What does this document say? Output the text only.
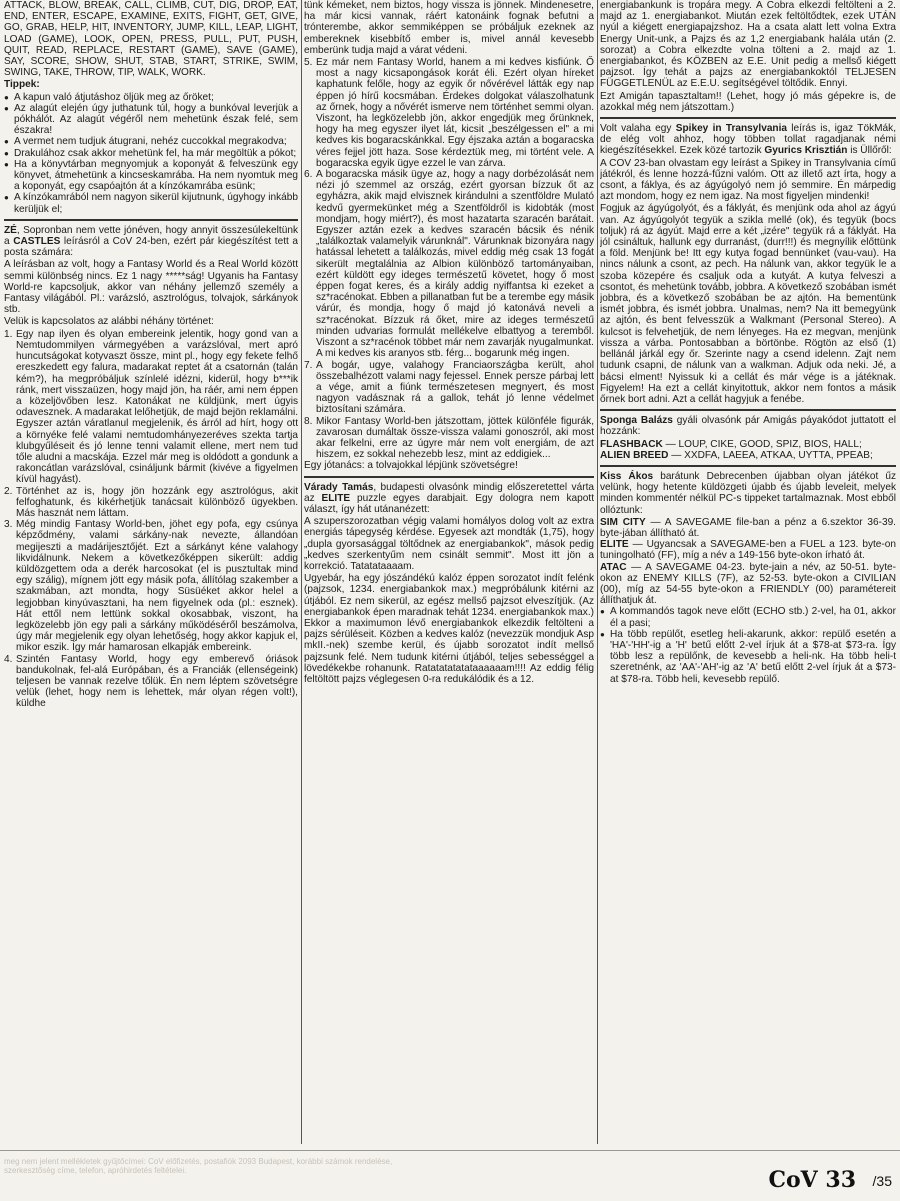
ATTACK, BLOW, BREAK, CALL, CLIMB, CUT, DIG, DROP, EAT, END, ENTER, ESCAPE, EXAMINE, EXITS, FIGHT, GET, GIVE, GO, GRAB, HELP, HIT, INVENTORY, JUMP, KILL, LEAP, LIGHT, LOAD (GAME), LOOK, OPEN, PRESS, PULL, PUT, PUSH, QUIT, READ, REPLACE, RESTART (GAME), SAVE (GAME), SAY, SCORE, SHOW, SHUT, STAB, START, STRIKE, SWIM, SWING, TAKE, THROW, TIP, WALK, WORK.

Tippek:

● A kapun való átjutáshoz öljük meg az őröket;
● Az alagút elején úgy juthatunk túl, hogy a bunkóval leverjük a pókhálót. Az alagút végéről nem mehetünk észak felé, sem északra!
● A vermet nem tudjuk átugrani, nehéz cuccokkal megrakodva;
● Drakulához csak akkor mehetünk fel, ha már megöltük a pókot;
● Ha a könyvtárban megnyomjuk a koponyát & felveszünk egy könyvet, átmehetünk a kincseskamrába. Ha nem nyomtuk meg a koponyát, egy csapóajtón át a kínzókamrába esünk;
● A kínzókamrából nem nagyon sikerül kijutnunk, úgyhogy inkább kerüljük el;

ZÉ, Sopronban nem vette jónéven, hogy annyit összesúlekeltünk a CASTLES leírásról a CoV 24-ben, ezért pár kiegészítést tett a posta számára:

A leírásban az volt, hogy a Fantasy World és a Real World között semmi különbség nincs. Ez 1 nagy *****ság! Ugyanis ha Fantasy World-re kapcsoljuk, akkor van néhány jellemző személy a Fantasy világából. Pl.: varázsló, asztrológus, tolvajok, sárkányok stb.

Velük is kapcsolatos az alábbi néhány történet:

1. Egy nap ilyen és olyan embereink jelentik, hogy gond van a Nemtudommilyen vármegyében a varázslóval, mert apró huncutságokat kotyvaszt össze, mint pl., hogy egy fekete felhő ereszkedett egy falura, madarakat reptet át a csatornán (talán kém?), ha megpróbáljuk színlelé idézni, kiderül, hogy b***ik ránk, mert visszaüzen, hogy majd jön, ha ráér, ami nem éppen a közeljövőben lesz. Katonákat ne küldjünk, mert úgyis odavesznek. A madarakat lelőhetjük, de majd bejön reklamálni. Egyszer aztán váratlanul megjelenik, és árról ad hírt, hogy ott a környéke felé valami nemtudomhányezeréves szekta tartja klubgyűléseit és jó lenne tenni valamit ellene, mert nem tud tőle aludni a macskája. Ezzel már meg is oldódott a gondunk a rakoncátlan varázslóval, csináljunk bármit (kivéve a figyelmen kívül hagyást).
2. Történhet az is, hogy jön hozzánk egy asztrológus, akit felfoghatunk, és kikérhetjük tanácsait különböző ügyekben. Más hasznát nem láttam.
3. Még mindig Fantasy World-ben, jöhet egy pofa, egy csúnya képződmény, valami sárkány-nak nevezte, állandóan megijeszti a madárijesztőjét. Ezt a sárkányt kéne valahogy likvidálnunk. Nekem a következőképpen sikerült: addig küldözgettem oda a derék harcosokat (el is pusztultak mind egy szálig), mígnem jött egy másik pofa, állítólag szakember a szakmában, azt mondta, hogy Süsüéket akkor helel a legjobban kinyúvasztani, ha nem figyelnek oda (pl.: esznek). Hát ettől nem lettünk sokkal okosabbak, viszont, ha legközelebb jön egy pali a sárkány működéséről beszámolva, úgy már megjelenik egy olyan lehetőség, hogy akkor kapjuk el, mikor eszik. Így már hamarosan elkapják embereink.
4. Szintén Fantasy World, hogy egy emberevő óriások bandukolnak, fel-alá Európában, és a Franciák (ellenségeink) teljesen be vannak rezelve tőlük. Én nem léptem szövetségre velük (lehet, hogy nem is lehettek, már olyan régen volt!), küldhe

tünk kémeket, nem biztos, hogy vissza is jönnek. Mindenesetre, ha már kicsi vannak, ráért katonáink fognak befutni a trónterembe, akkor semmiképpen se próbáljuk ezeknek az embereknek kisebbítő ember is, mivel annál kevesebb emberünk tudja majd a várat védeni.

5. Ez már nem Fantasy World, hanem a mi kedves kisfiúnk. Ő most a nagy kicsapongások korát éli. Ezért olyan híreket kaphatunk felőle, hogy az egyik őr nővérével látták egy nap éppen jó hírű kocsmában. Érdekes dolgokat válaszolhatunk az őrnek, hogy a nővérét ismerve nem történhet semmi olyan. Viszont, ha legközelebb jön, akkor engedjük meg őrünknek, hogy ha meg egyszer ilyet lát, kicsit „beszélgessen el" a mi kedves kis bogaracskánkkal. Egy éjszaka aztán a bogaracska véres fejjel jött haza. Sose kérdeztük meg, mi történt vele. A bogaracska egyik ügye ezzel le van zárva.
6. A bogaracska másik ügye az, hogy a nagy dorbézolását nem nézi jó szemmel az ország, ezért gyorsan bízzuk őt az egyházra, akik majd elvisznek kirándulni a szentföldre Mulató kedvű gyermekünket még a Szentföldről is kidobták (most mondjam, hogy miért?), és most hazatarta szaracén barátait. Egyszer aztán ezek a kedves szaracén bácsik és nénik „találkoztak valamelyik várunknál". Várunknak bizonyára nagy hatással lehetett a találkozás, mivel eddig még csak 13 fogát sikerült megtalálnia az Albion különböző tartományaiban, ezért küldött egy ideges természetű követet, hogy ő most éppen fogat keres, és a király addig nyiffantsa ki ezeket a sz*racénokat. Ebben a pillanatban fut be a terembe egy másik várúr, és mondja, hogy ő majd jó katonává neveli a sz*racénokat. Bízzuk rá őket, mire az ideges természetű minden udvarias formulát mellékelve elbattyog a teremből. Viszont a sz*racénok többet már nem zavarják nyugalmunkat. A mi kedves kis aranyos stb. férg... bogarunk még ingen.
7. A bogár, ugye, valahogy Franciaországba került, ahol összebalhézott valami nagy fejessel. Ennek persze párbaj lett a vége, amit a fiúnk természetesen megnyert, és most nagyon vadásznak rá a gallok, tehát jó lenne védelmet biztosítani számára.
8. Mikor Fantasy World-ben játszottam, jöttek különféle figurák, zavarosan dumáltak össze-vissza valami gonoszról, aki most akar felkelni, erre az úgyre már nem volt energiám, de azt hiszem, ez sokkal nehezebb lesz, mint az eddigiek...

Egy jótanács: a tolvajokkal lépjünk szövetségre!

Várady Tamás, budapesti olvasónk mindig előszeretettel várta az ELITE puzzle egyes darabjait. Egy dologra nem kapott választ, így hát utánanézett:

A szuperszorozatban végig valami homályos dolog volt az extra energiás tápegység kérdése. Egyesek azt mondták (1,75), hogy „dupla gyorsasággal töltődnek az energiabankok", mások pedig „kedves szerkentyűm nem csinált semmit". Most itt jön a korrekció. Tatatataaaam.

Ugyebár, ha egy jószándékú kalóz éppen sorozatot indít felénk (pajzsok, 1234. energiabankok max.) megpróbálunk kitérni az útjából. Ez nem sikerül, az egész mellső pajzsot elveszítjük. (Az energiabankok épen maradnak tehát 1234. energiabankok max.) Ekkor a maximumon lévő energiabankok elkezdik feltölteni a pajzs sérüléseit. Közben a kedves kalóz (nevezzük mondjuk Asp mkII.-nek) szembe kerül, és újabb sorozatot indít mellső pajzsunk felé. Nem tudunk kitérni útjából, teljes sebességgel a lövedékekbe rohanunk. Ratatatatatataaaaaam!!!! Az eddig félig feltöltött pajzs véglegesen 0-ra redukálódik és a 12.

energiabankunk is tropára megy. A Cobra elkezdi feltölteni a 2. majd az 1. energiabankot. Miután ezek feltöltődtek, ezek UTÁN nyúl a kiégett energiapajzshoz. Ha a csata alatt lett volna Extra Energy Unit-unk, a Pajzs és az 1,2 energiabank halála után (2. sorozat) a Cobra elkezdte volna tölteni a 2. majd az 1. energiabankot, és KÖZBEN az E.E. Unit pedig a mellső kiégett pajzsot. Így tehát a pajzs az energiabankoktól TELJESEN FÜGGETLENÜL az E.E.U. segítségével töltődik. Ennyi.

Ezt Amigán tapasztaltam!! (Lehet, hogy jó más gépekre is, de azokkal még nem játszottam.)

Volt valaha egy Spikey in Transylvania leírás is, igaz TökMák, de elég volt ahhoz, hogy többen tollat ragadjanak némi kiegészítésekkel. Ezek közé tartozik Gyurics Krisztián is Üllőről:

A COV 23-ban olvastam egy leírást a Spikey in Transylvania című játékról, és lenne hozzá-fűzni valóm. Ott az illető azt írta, hogy a csont, a fáklya, és az ágyúgolyó nem jó semmire. Én márpedig azt mondom, hogy ez nem igaz. Na most figyeljen mindenki!

Fogjuk az ágyúgolyót, és a fáklyát, és menjünk oda ahol az ágyú van. Az ágyúgolyót tegyük a szikla mellé (ok), és tegyük (bocs toljuk) rá az ágyút. Majd erre a két „izére" tegyük rá a fáklyát. Ha jól csináltuk, hallunk egy durranást, (durr!!!) és megnyílik előttünk a föld. Menjünk be! Itt egy kutya fogad bennünket (vau-vau). Ha nincs nálunk a csont, az pech. Ha nálunk van, akkor tegyük le a szoba közepére és csaljuk oda a kutyát. A kutya felveszi a csontot, és mehetünk tovább, jobbra. A következő szobában ismét jobbra, és a következő szobában be az ajtón. Ha bementünk ismét jobbra, és ismét jobbra. Unalmas, nem? Na itt bemegyünk az ajtón, és bent felvesszük a Walkmant (Personal Stereo). A kulcsot is felvehetjük, de nem lényeges. Ha ez megvan, menjünk vissza a várba. Pontosabban a börtönbe. Rögtön az első (1) bellánál járkál egy őr. Szerinte nagy a csend idelenn. Zajt nem tudunk csapni, de nálunk van a walkman. Adjuk oda neki. Jé, a bácsi elment! Nyissuk ki a cellát és már vége is a játéknak. Figyelem! Ha ezt a cellát kinyitottuk, akkor nem fontos a másik őrnek bort adni. Azt a cellát hagyjuk a fenébe.

Sponga Balázs gyáli olvasónk pár Amigás páyakódot juttatott el hozzánk:

FLASHBACK — LOUP, CIKE, GOOD, SPIZ, BIOS, HALL;

ALIEN BREED — XXDFA, LAEEA, ATKAA, UYTTA, PPEAB;

Kiss Ákos barátunk Debrecenben újabban olyan játékot űz velünk, hogy hetente küldözgeti újabb és újabb leveleit, melyek minden kommentér nélkül PC-s tippeket tartalmaznak. Most ebből ollóztunk:

SIM CITY — A SAVEGAME file-ban a pénz a 6.szektor 36-39. byte-jában állítható át.

ELITE — Ugyancsak a SAVEGAME-ben a FUEL a 123. byte-on tuningolható (FF), míg a név a 149-156 byte-okon írható át.

ATAC — A SAVEGAME 04-23. byte-jain a név, az 50-51. byte-okon az ENEMY KILLS (7F), az 52-53. byte-okon a CIVILIAN (00), míg az 54-55 byte-okon a FRIENDLY (00) paramétereit állíthatjuk át.

● A kommandós tagok neve előtt (ECHO stb.) 2-vel, ha 01, akkor él a pasi;
● Ha több repülőt, esetleg heli-akarunk, akkor: repülő esetén a 'HA'-'HH'-ig a 'H' betű előtt 2-vel írjuk át a $78-at $73-ra. Így több lesz a repülőnk, de kevesebb a heli-nk. Ha több heli-t szeretnénk, az 'AA'-'AH'-ig az 'A' betű előtt 2-vel írjuk át a $73-at $78-ra. Több heli, kevesebb repülő.
meg nem jelent mellékletek gyűjtőcímei: CoV előfizetés, postafiók 2093 Budapest, korábbi számok rendelése, szerkesztőség címe, telefon, apróhirdetés feltételei.	CoV 33 /35
